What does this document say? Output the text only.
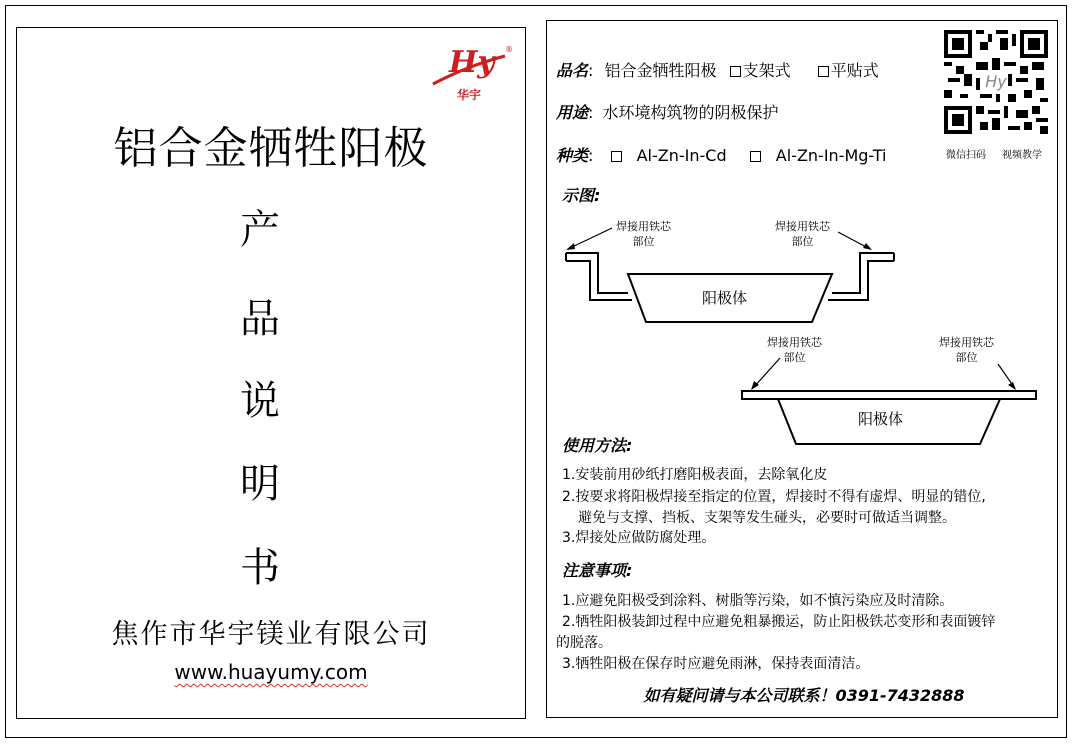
Hy	®
华宇
铝合金牺牲阳极
产
品
说
明
书
焦作市华宇镁业有限公司
www.huayumy.com
品名: 铝合金牺牲阳极 支架式	平贴式
用途: 水环境构筑物的阴极保护
种类:	Al-Zn-In-Cd	Al-Zn-In-Mg-Ti
Hy
微信扫码 视频教学
示图:
焊接用铁芯
部位
焊接用铁芯
部位
阳极体
焊接用铁芯
部位
焊接用铁芯
部位
阳极体
使用方法:
1.安装前用砂纸打磨阳极表面，去除氧化皮
2.按要求将阳极焊接至指定的位置，焊接时不得有虚焊、明显的错位,
避免与支撑、挡板、支架等发生碰头，必要时可做适当调整。
3.焊接处应做防腐处理。
注意事项:
1.应避免阳极受到涂料、树脂等污染，如不慎污染应及时清除。
2.牺牲阳极装卸过程中应避免粗暴搬运，防止阳极铁芯变形和表面镀锌
的脱落。
3.牺牲阳极在保存时应避免雨淋，保持表面清洁。
如有疑问请与本公司联系！0391-7432888
